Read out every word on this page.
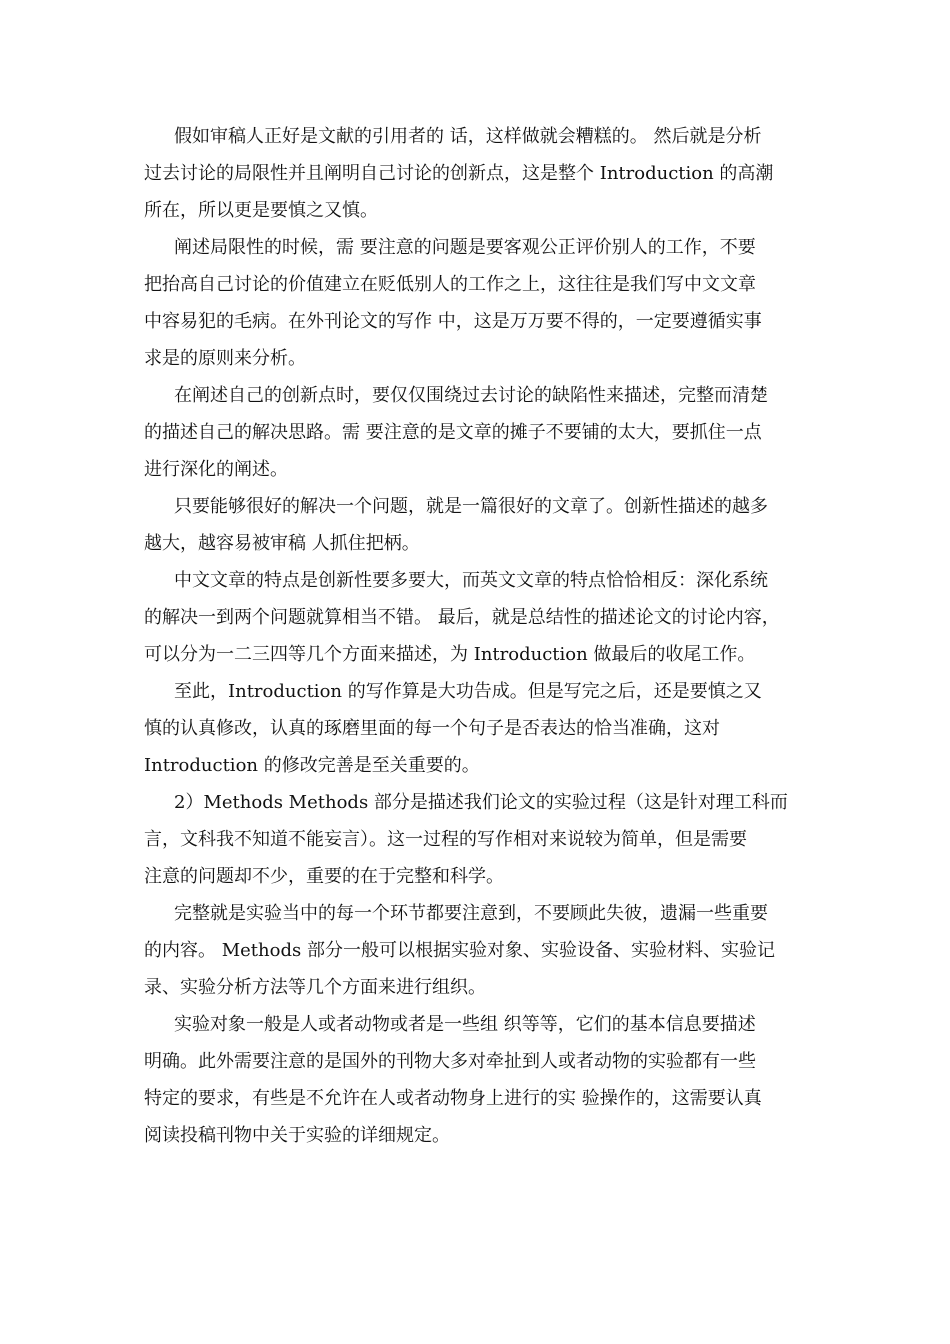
假如审稿人正好是文献的引用者的 话，这样做就会糟糕的。 然后就是分析
过去讨论的局限性并且阐明自己讨论的创新点，这是整个 Introduction 的高潮
所在，所以更是要慎之又慎。
阐述局限性的时候，需 要注意的问题是要客观公正评价别人的工作，不要
把抬高自己讨论的价值建立在贬低别人的工作之上，这往往是我们写中文文章
中容易犯的毛病。在外刊论文的写作 中，这是万万要不得的，一定要遵循实事
求是的原则来分析。
在阐述自己的创新点时，要仅仅围绕过去讨论的缺陷性来描述，完整而清楚
的描述自己的解决思路。需 要注意的是文章的摊子不要铺的太大，要抓住一点
进行深化的阐述。
只要能够很好的解决一个问题，就是一篇很好的文章了。创新性描述的越多
越大，越容易被审稿 人抓住把柄。
中文文章的特点是创新性要多要大，而英文文章的特点恰恰相反：深化系统
的解决一到两个问题就算相当不错。 最后，就是总结性的描述论文的讨论内容，
可以分为一二三四等几个方面来描述，为 Introduction 做最后的收尾工作。
至此，Introduction 的写作算是大功告成。但是写完之后，还是要慎之又
慎的认真修改，认真的琢磨里面的每一个句子是否表达的恰当准确，这对
Introduction 的修改完善是至关重要的。
2）Methods Methods 部分是描述我们论文的实验过程（这是针对理工科而
言，文科我不知道不能妄言）。这一过程的写作相对来说较为简单，但是需要
注意的问题却不少，重要的在于完整和科学。
完整就是实验当中的每一个环节都要注意到，不要顾此失彼，遗漏一些重要
的内容。 Methods 部分一般可以根据实验对象、实验设备、实验材料、实验记
录、实验分析方法等几个方面来进行组织。
实验对象一般是人或者动物或者是一些组 织等等，它们的基本信息要描述
明确。此外需要注意的是国外的刊物大多对牵扯到人或者动物的实验都有一些
特定的要求，有些是不允许在人或者动物身上进行的实 验操作的，这需要认真
阅读投稿刊物中关于实验的详细规定。
